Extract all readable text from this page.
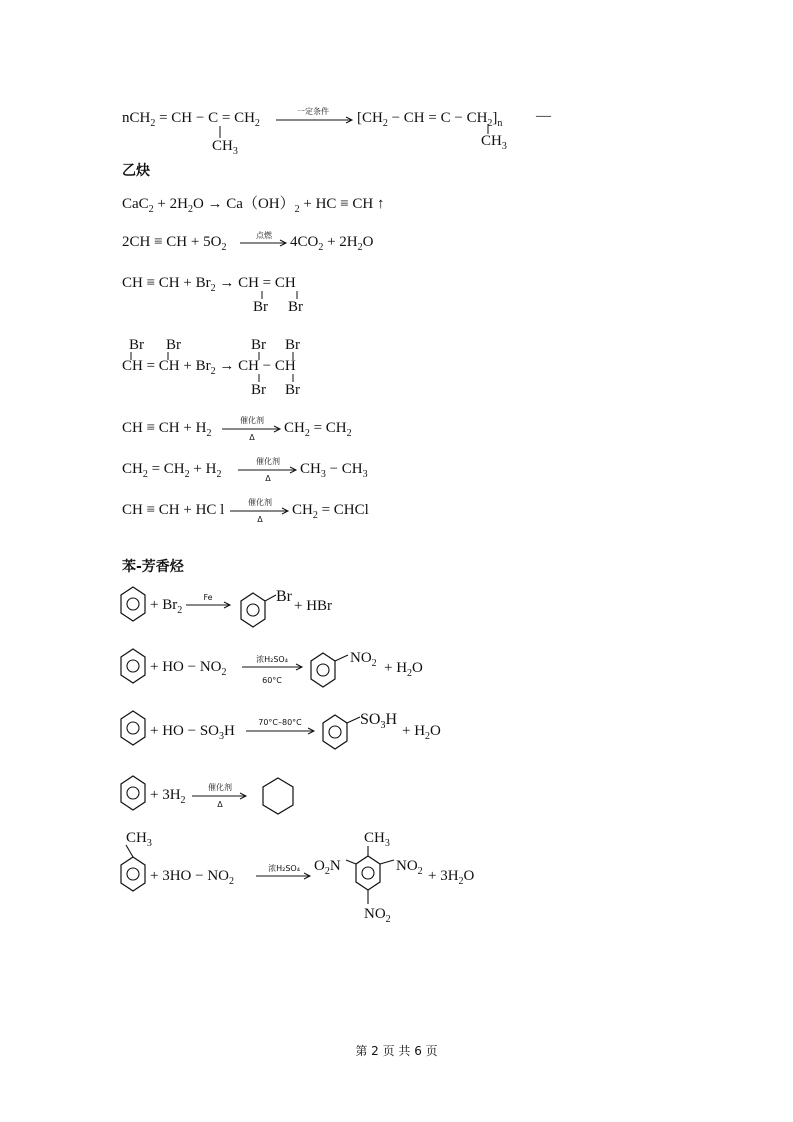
nCH$_2$ = CH − $C = CH_2$
一定条件	[$CH_2$ − CH = $C - CH_2]_n$ —
$CH_3$
$CH_3$
乙炔
$CaC_2 + 2H_2O \to Ca(OH)_2$ + HC ≡ CH ↑
2CH ≡ CH + $5O_2$ →
点燃	$4CO_2 + 2H_2O$
CH ≡ CH + $Br_2$ → CH = CH
Br Br
Br Br	Br Br
CH = CH + $Br_2$ → CH − CH
Br Br
CH ≡ CH + $H_2$ →
催化剂
Δ
$CH_2 = CH_2$
$CH_2 = CH_2 + H_2$ →
催化剂
Δ
$CH_3 - CH_3$
CH ≡ CH + HC l →
催化剂
Δ
$CH_2$ = CHCl
苯-芳香烃
+ $Br_2$ →
Fe	Br
+ HBr
+ HO − $NO_2$ →
浓H₂SO₄
60°C
$NO_2 + H_2O$
+ HO − $SO_3H$
70°C–80°C	$SO_3H$
+ $H_2O$
+ $3H_2$ →
催化剂
Δ
$CH_3$
+ $3HO - NO_2$ →
浓H₂SO₄
$CH_3$
$O_2N$	$NO_2$
$NO_2$
+ $3H_2O$
第 2 页 共 6 页
